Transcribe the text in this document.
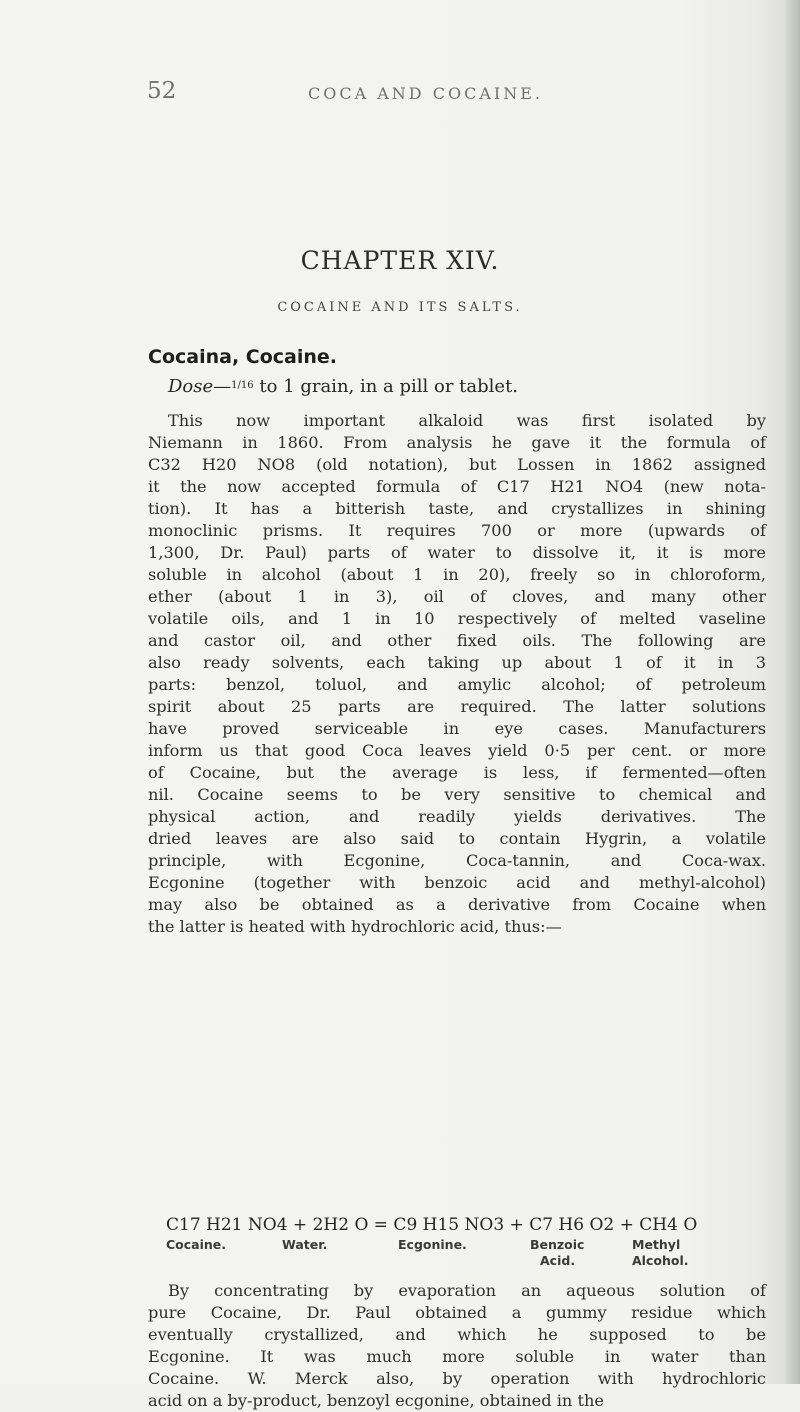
52	COCA AND COCAINE.
CHAPTER XIV.
COCAINE AND ITS SALTS.
Cocaina, Cocaine.
Dose—$^{1/16}$ to 1 grain, in a pill or tablet.
This now important alkaloid was first isolated by
Niemann in 1860. From analysis he gave it the formula of
C32 H20 NO8 (old notation), but Lossen in 1862 assigned
it the now accepted formula of C17 H21 NO4 (new nota-
tion). It has a bitterish taste, and crystallizes in shining
monoclinic prisms. It requires 700 or more (upwards of
1,300, Dr. Paul) parts of water to dissolve it, it is more
soluble in alcohol (about 1 in 20), freely so in chloroform,
ether (about 1 in 3), oil of cloves, and many other
volatile oils, and 1 in 10 respectively of melted vaseline
and castor oil, and other fixed oils. The following are
also ready solvents, each taking up about 1 of it in 3
parts: benzol, toluol, and amylic alcohol; of petroleum
spirit about 25 parts are required. The latter solutions
have proved serviceable in eye cases. Manufacturers
inform us that good Coca leaves yield 0·5 per cent. or more
of Cocaine, but the average is less, if fermented—often
nil. Cocaine seems to be very sensitive to chemical and
physical action, and readily yields derivatives. The
dried leaves are also said to contain Hygrin, a volatile
principle, with Ecgonine, Coca-tannin, and Coca-wax.
Ecgonine (together with benzoic acid and methyl-alcohol)
may also be obtained as a derivative from Cocaine when
the latter is heated with hydrochloric acid, thus:—
C17 H21 NO4 + 2H2 O = C9 H15 NO3 + C7 H6 O2 + CH4 O
Cocaine.	Water.	Ecgonine.	Benzoic	Methyl
Acid.	Alcohol.
By concentrating by evaporation an aqueous solution of
pure Cocaine, Dr. Paul obtained a gummy residue which
eventually crystallized, and which he supposed to be
Ecgonine. It was much more soluble in water than
Cocaine. W. Merck also, by operation with hydrochloric
acid on a by-product, benzoyl ecgonine, obtained in the
